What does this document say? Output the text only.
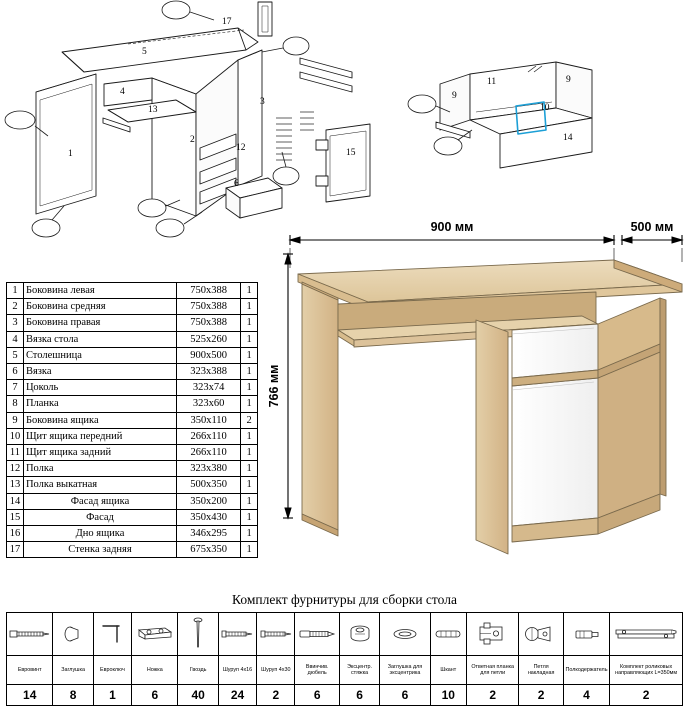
17
5
4
13
2
3
1
12
6
15
11	9
9
10
14
1	Боковина левая	750х388	1
2	Боковина средняя	750х388	1
3	Боковина правая	750х388	1
4	Вязка стола	525х260	1
5	Столешница	900х500	1
6	Вязка	323х388	1
7	Цоколь	323х74	1
8	Планка	323х60	1
9	Боковина ящика	350х110	2
10	Щит ящика передний	266х110	1
11	Щит ящика задний	266х110	1
12	Полка	323х380	1
13	Полка выкатная	500х350	1
14	Фасад ящика	350х200	1
15	Фасад	350х430	1
16	Дно ящика	346х295	1
17	Стенка задняя	675х350	1
900 мм	500 мм
766 мм
Комплект фурнитуры для сборки стола

Евровинт	Заглушка	Евроключ	Ножка	Гвоздь	Шуруп 4х16	Шуруп 4х30	Ввинчив. дюбель	Эксцентр. стяжка	Заглушка для эксцентрика	Шкант	Ответная планка для петли	Петля накладная	Полкодержатель	Комплект роликовых направляющих L=350мм
14	8	1	6	40	24	2	6	6	6	10	2	2	4	2
